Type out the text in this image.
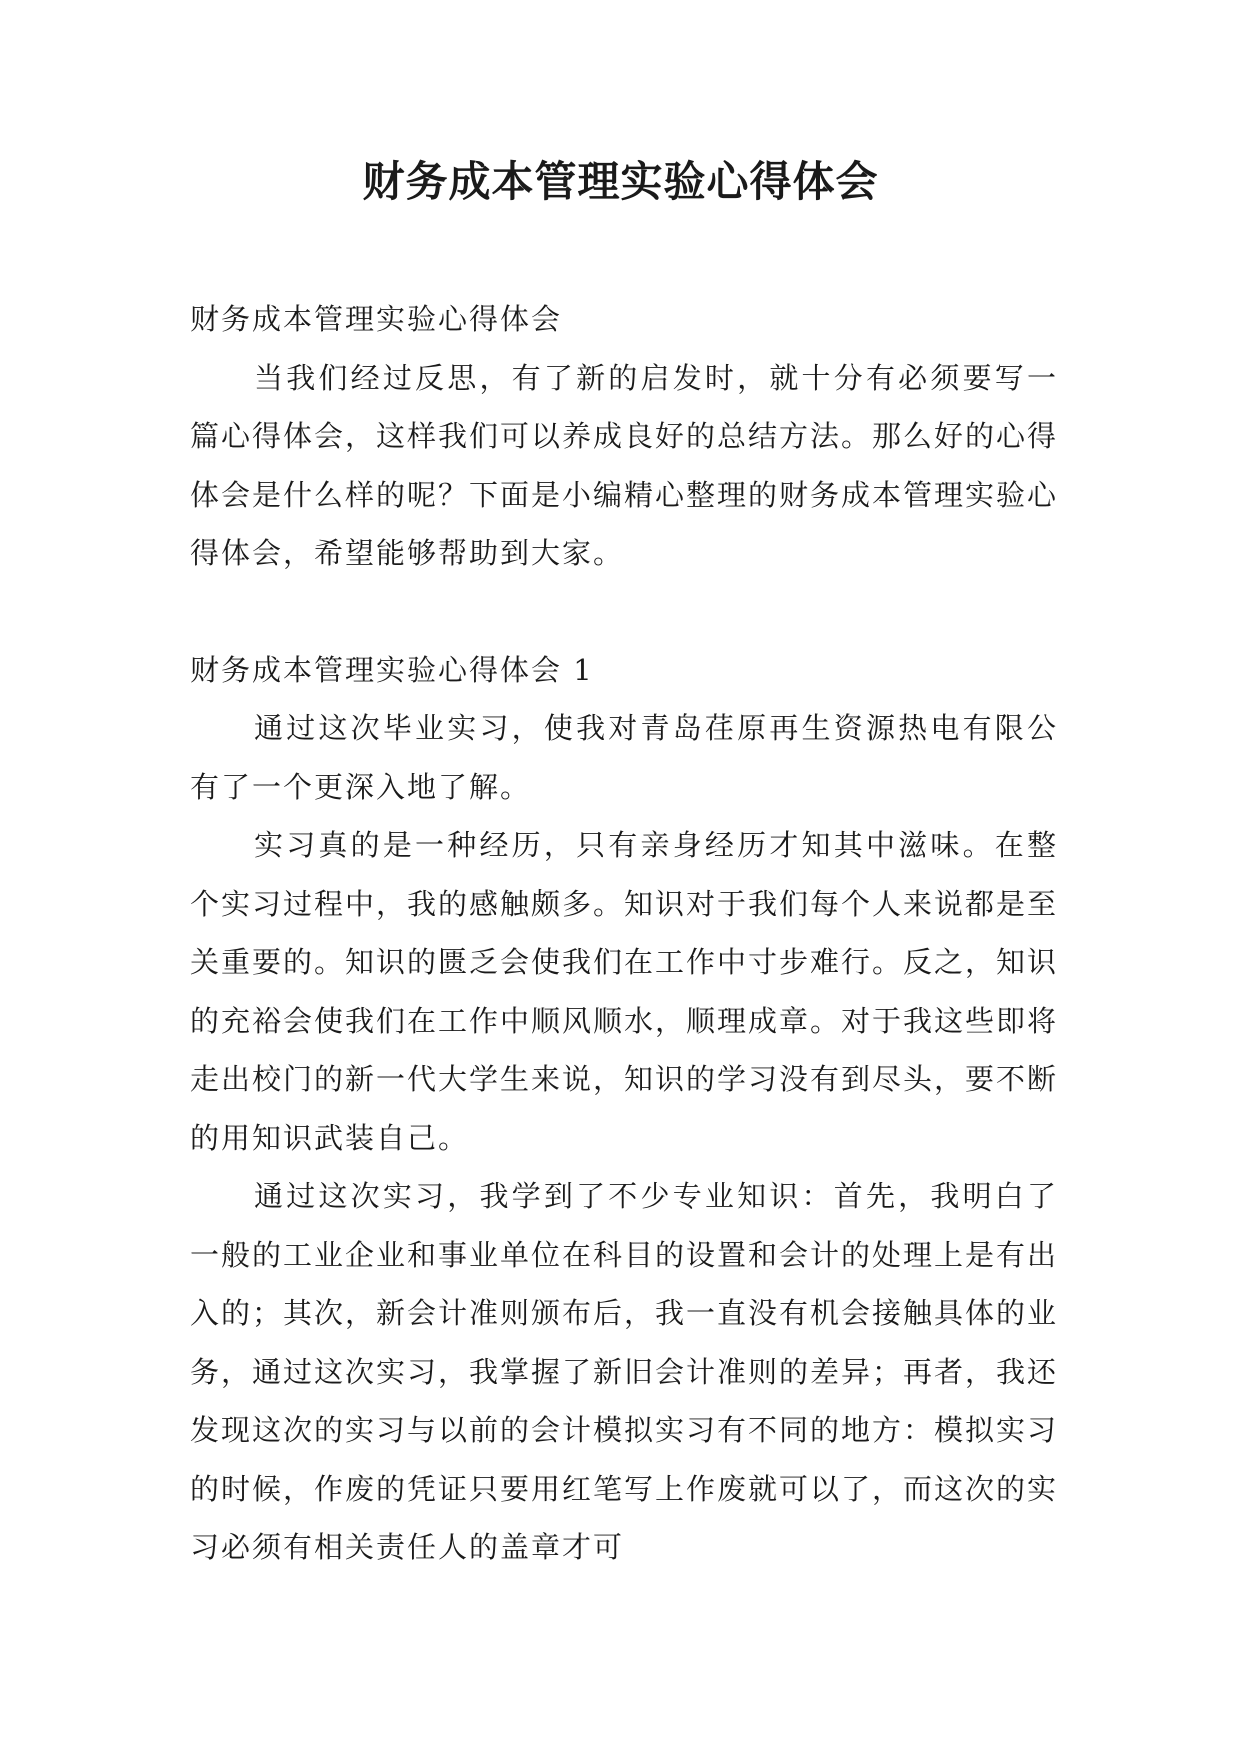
财务成本管理实验心得体会

财务成本管理实验心得体会

当我们经过反思，有了新的启发时，就十分有必须要写一篇心得体会，这样我们可以养成良好的总结方法。那么好的心得体会是什么样的呢？下面是小编精心整理的财务成本管理实验心得体会，希望能够帮助到大家。

财务成本管理实验心得体会 1

通过这次毕业实习，使我对青岛荏原再生资源热电有限公有了一个更深入地了解。

实习真的是一种经历，只有亲身经历才知其中滋味。在整个实习过程中，我的感触颇多。知识对于我们每个人来说都是至关重要的。知识的匮乏会使我们在工作中寸步难行。反之，知识的充裕会使我们在工作中顺风顺水，顺理成章。对于我这些即将走出校门的新一代大学生来说，知识的学习没有到尽头，要不断的用知识武装自己。

通过这次实习，我学到了不少专业知识：首先，我明白了一般的工业企业和事业单位在科目的设置和会计的处理上是有出入的；其次，新会计准则颁布后，我一直没有机会接触具体的业务，通过这次实习，我掌握了新旧会计准则的差异；再者，我还发现这次的实习与以前的会计模拟实习有不同的地方：模拟实习的时候，作废的凭证只要用红笔写上作废就可以了，而这次的实习必须有相关责任人的盖章才可
